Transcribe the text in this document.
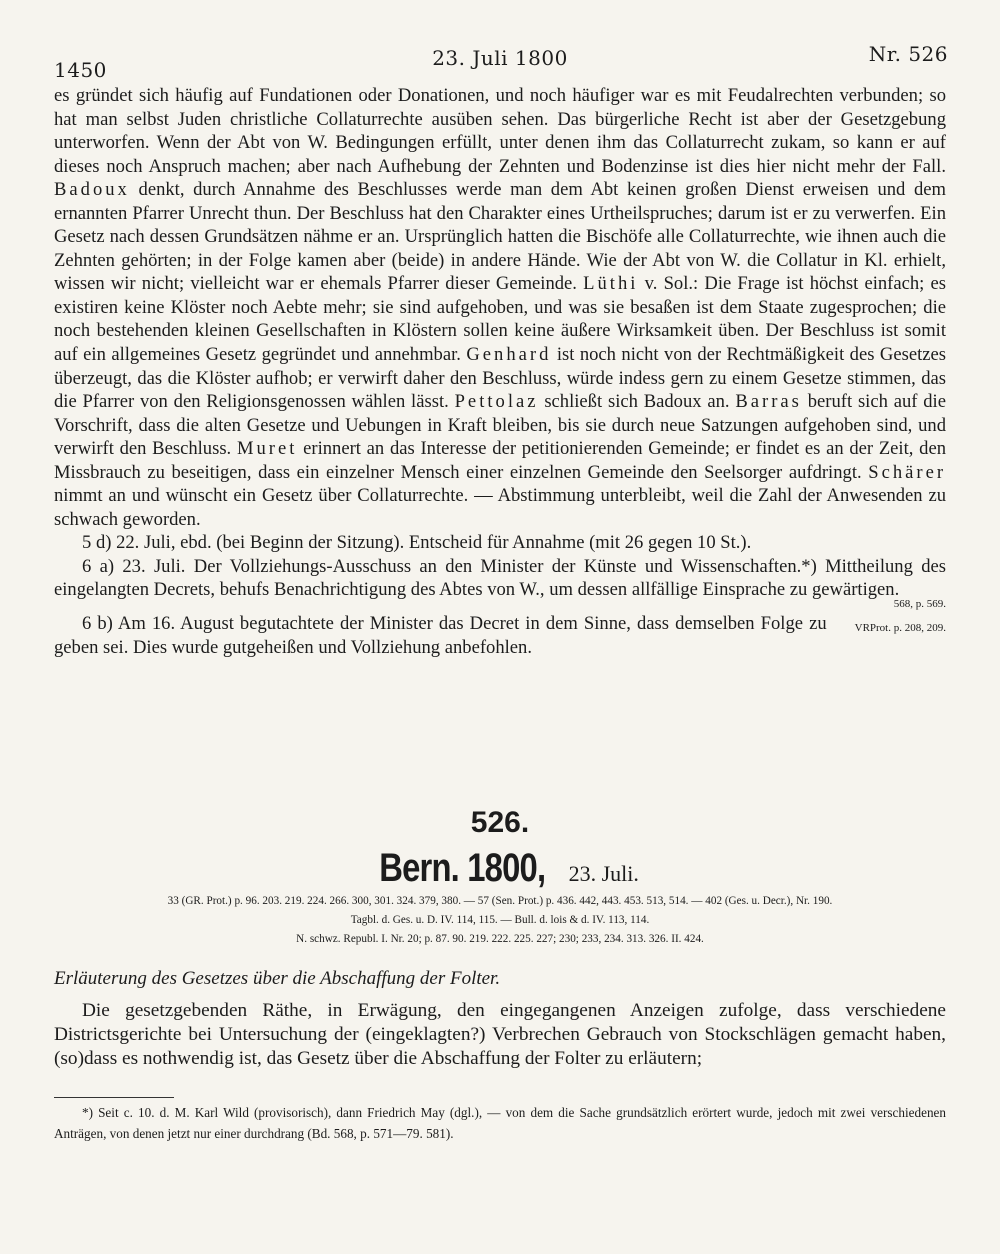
1450	23. Juli 1800	Nr. 526

es gründet sich häufig auf Fundationen oder Donationen, und noch häufiger war es mit Feudalrechten verbunden; so hat man selbst Juden christliche Collaturrechte ausüben sehen. Das bürgerliche Recht ist aber der Gesetzgebung unterworfen. Wenn der Abt von W. Bedingungen erfüllt, unter denen ihm das Collaturrecht zukam, so kann er auf dieses noch Anspruch machen; aber nach Aufhebung der Zehnten und Bodenzinse ist dies hier nicht mehr der Fall. Badoux denkt, durch Annahme des Beschlusses werde man dem Abt keinen großen Dienst erweisen und dem ernannten Pfarrer Unrecht thun. Der Beschluss hat den Charakter eines Urtheilspruches; darum ist er zu verwerfen. Ein Gesetz nach dessen Grundsätzen nähme er an. Ursprünglich hatten die Bischöfe alle Collaturrechte, wie ihnen auch die Zehnten gehörten; in der Folge kamen aber (beide) in andere Hände. Wie der Abt von W. die Collatur in Kl. erhielt, wissen wir nicht; vielleicht war er ehemals Pfarrer dieser Gemeinde. Lüthi v. Sol.: Die Frage ist höchst einfach; es existiren keine Klöster noch Aebte mehr; sie sind aufgehoben, und was sie besaßen ist dem Staate zugesprochen; die noch bestehenden kleinen Gesellschaften in Klöstern sollen keine äußere Wirksamkeit üben. Der Beschluss ist somit auf ein allgemeines Gesetz gegründet und annehmbar. Genhard ist noch nicht von der Rechtmäßigkeit des Gesetzes überzeugt, das die Klöster aufhob; er verwirft daher den Beschluss, würde indess gern zu einem Gesetze stimmen, das die Pfarrer von den Religionsgenossen wählen lässt. Pettolaz schließt sich Badoux an. Barras beruft sich auf die Vorschrift, dass die alten Gesetze und Uebungen in Kraft bleiben, bis sie durch neue Satzungen aufgehoben sind, und verwirft den Beschluss. Muret erinnert an das Interesse der petitionierenden Gemeinde; er findet es an der Zeit, den Missbrauch zu beseitigen, dass ein einzelner Mensch einer einzelnen Gemeinde den Seelsorger aufdringt. Schärer nimmt an und wünscht ein Gesetz über Collaturrechte. — Abstimmung unterbleibt, weil die Zahl der Anwesenden zu schwach geworden.

5 d) 22. Juli, ebd. (bei Beginn der Sitzung). Entscheid für Annahme (mit 26 gegen 10 St.).

6 a) 23. Juli. Der Vollziehungs-Ausschuss an den Minister der Künste und Wissenschaften.*) Mittheilung des eingelangten Decrets, behufs Benachrichtigung des Abtes von W., um dessen allfällige Einsprache zu gewärtigen.

568, p. 569.

VRProt. p. 208, 209.
6 b) Am 16. August begutachtete der Minister das Decret in dem Sinne, dass demselben Folge zu geben sei. Dies wurde gutgeheißen und Vollziehung anbefohlen.

526.
Bern. 1800, 23. Juli.
33 (GR. Prot.) p. 96. 203. 219. 224. 266. 300, 301. 324. 379, 380. — 57 (Sen. Prot.) p. 436. 442, 443. 453. 513, 514. — 402 (Ges. u. Decr.), Nr. 190.
Tagbl. d. Ges. u. D. IV. 114, 115. — Bull. d. lois & d. IV. 113, 114.
N. schwz. Republ. I. Nr. 20; p. 87. 90. 219. 222. 225. 227; 230; 233, 234. 313. 326. II. 424.
Erläuterung des Gesetzes über die Abschaffung der Folter.
Die gesetzgebenden Räthe, in Erwägung, den eingegangenen Anzeigen zufolge, dass verschiedene Districtsgerichte bei Untersuchung der (eingeklagten?) Verbrechen Gebrauch von Stockschlägen gemacht haben, (so)dass es nothwendig ist, das Gesetz über die Abschaffung der Folter zu erläutern;
*) Seit c. 10. d. M. Karl Wild (provisorisch), dann Friedrich May (dgl.), — von dem die Sache grundsätzlich erörtert wurde, jedoch mit zwei verschiedenen Anträgen, von denen jetzt nur einer durchdrang (Bd. 568, p. 571—79. 581).
